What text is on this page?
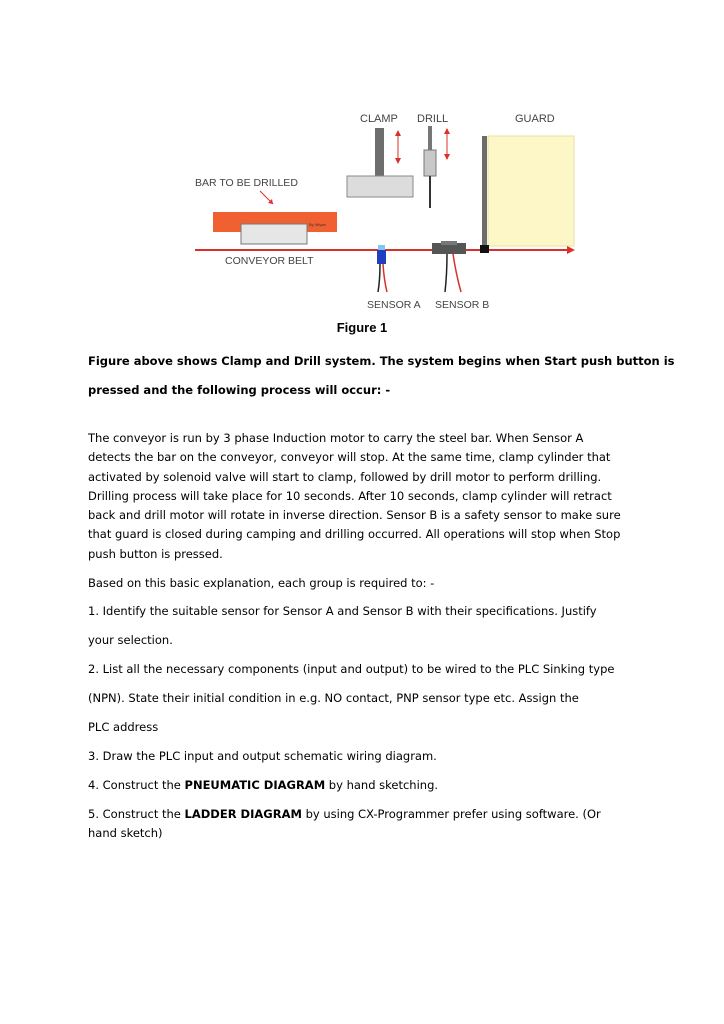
CLAMP DRILL	GUARD
BAR TO BE DRILLED
CONVEYOR BELT
SENSOR A SENSOR B
By Vifyan
Figure 1

Figure above shows Clamp and Drill system. The system begins when Start push button is

pressed and the following process will occur: -

The conveyor is run by 3 phase Induction motor to carry the steel bar. When Sensor A
detects the bar on the conveyor, conveyor will stop. At the same time, clamp cylinder that
activated by solenoid valve will start to clamp, followed by drill motor to perform drilling.
Drilling process will take place for 10 seconds. After 10 seconds, clamp cylinder will retract
back and drill motor will rotate in inverse direction. Sensor B is a safety sensor to make sure
that guard is closed during camping and drilling occurred. All operations will stop when Stop
push button is pressed.

Based on this basic explanation, each group is required to: -

1. Identify the suitable sensor for Sensor A and Sensor B with their specifications. Justify

your selection.

2. List all the necessary components (input and output) to be wired to the PLC Sinking type

(NPN). State their initial condition in e.g. NO contact, PNP sensor type etc. Assign the

PLC address

3. Draw the PLC input and output schematic wiring diagram.

4. Construct the PNEUMATIC DIAGRAM by hand sketching.

5. Construct the LADDER DIAGRAM by using CX-Programmer prefer using software. (Or

hand sketch)
